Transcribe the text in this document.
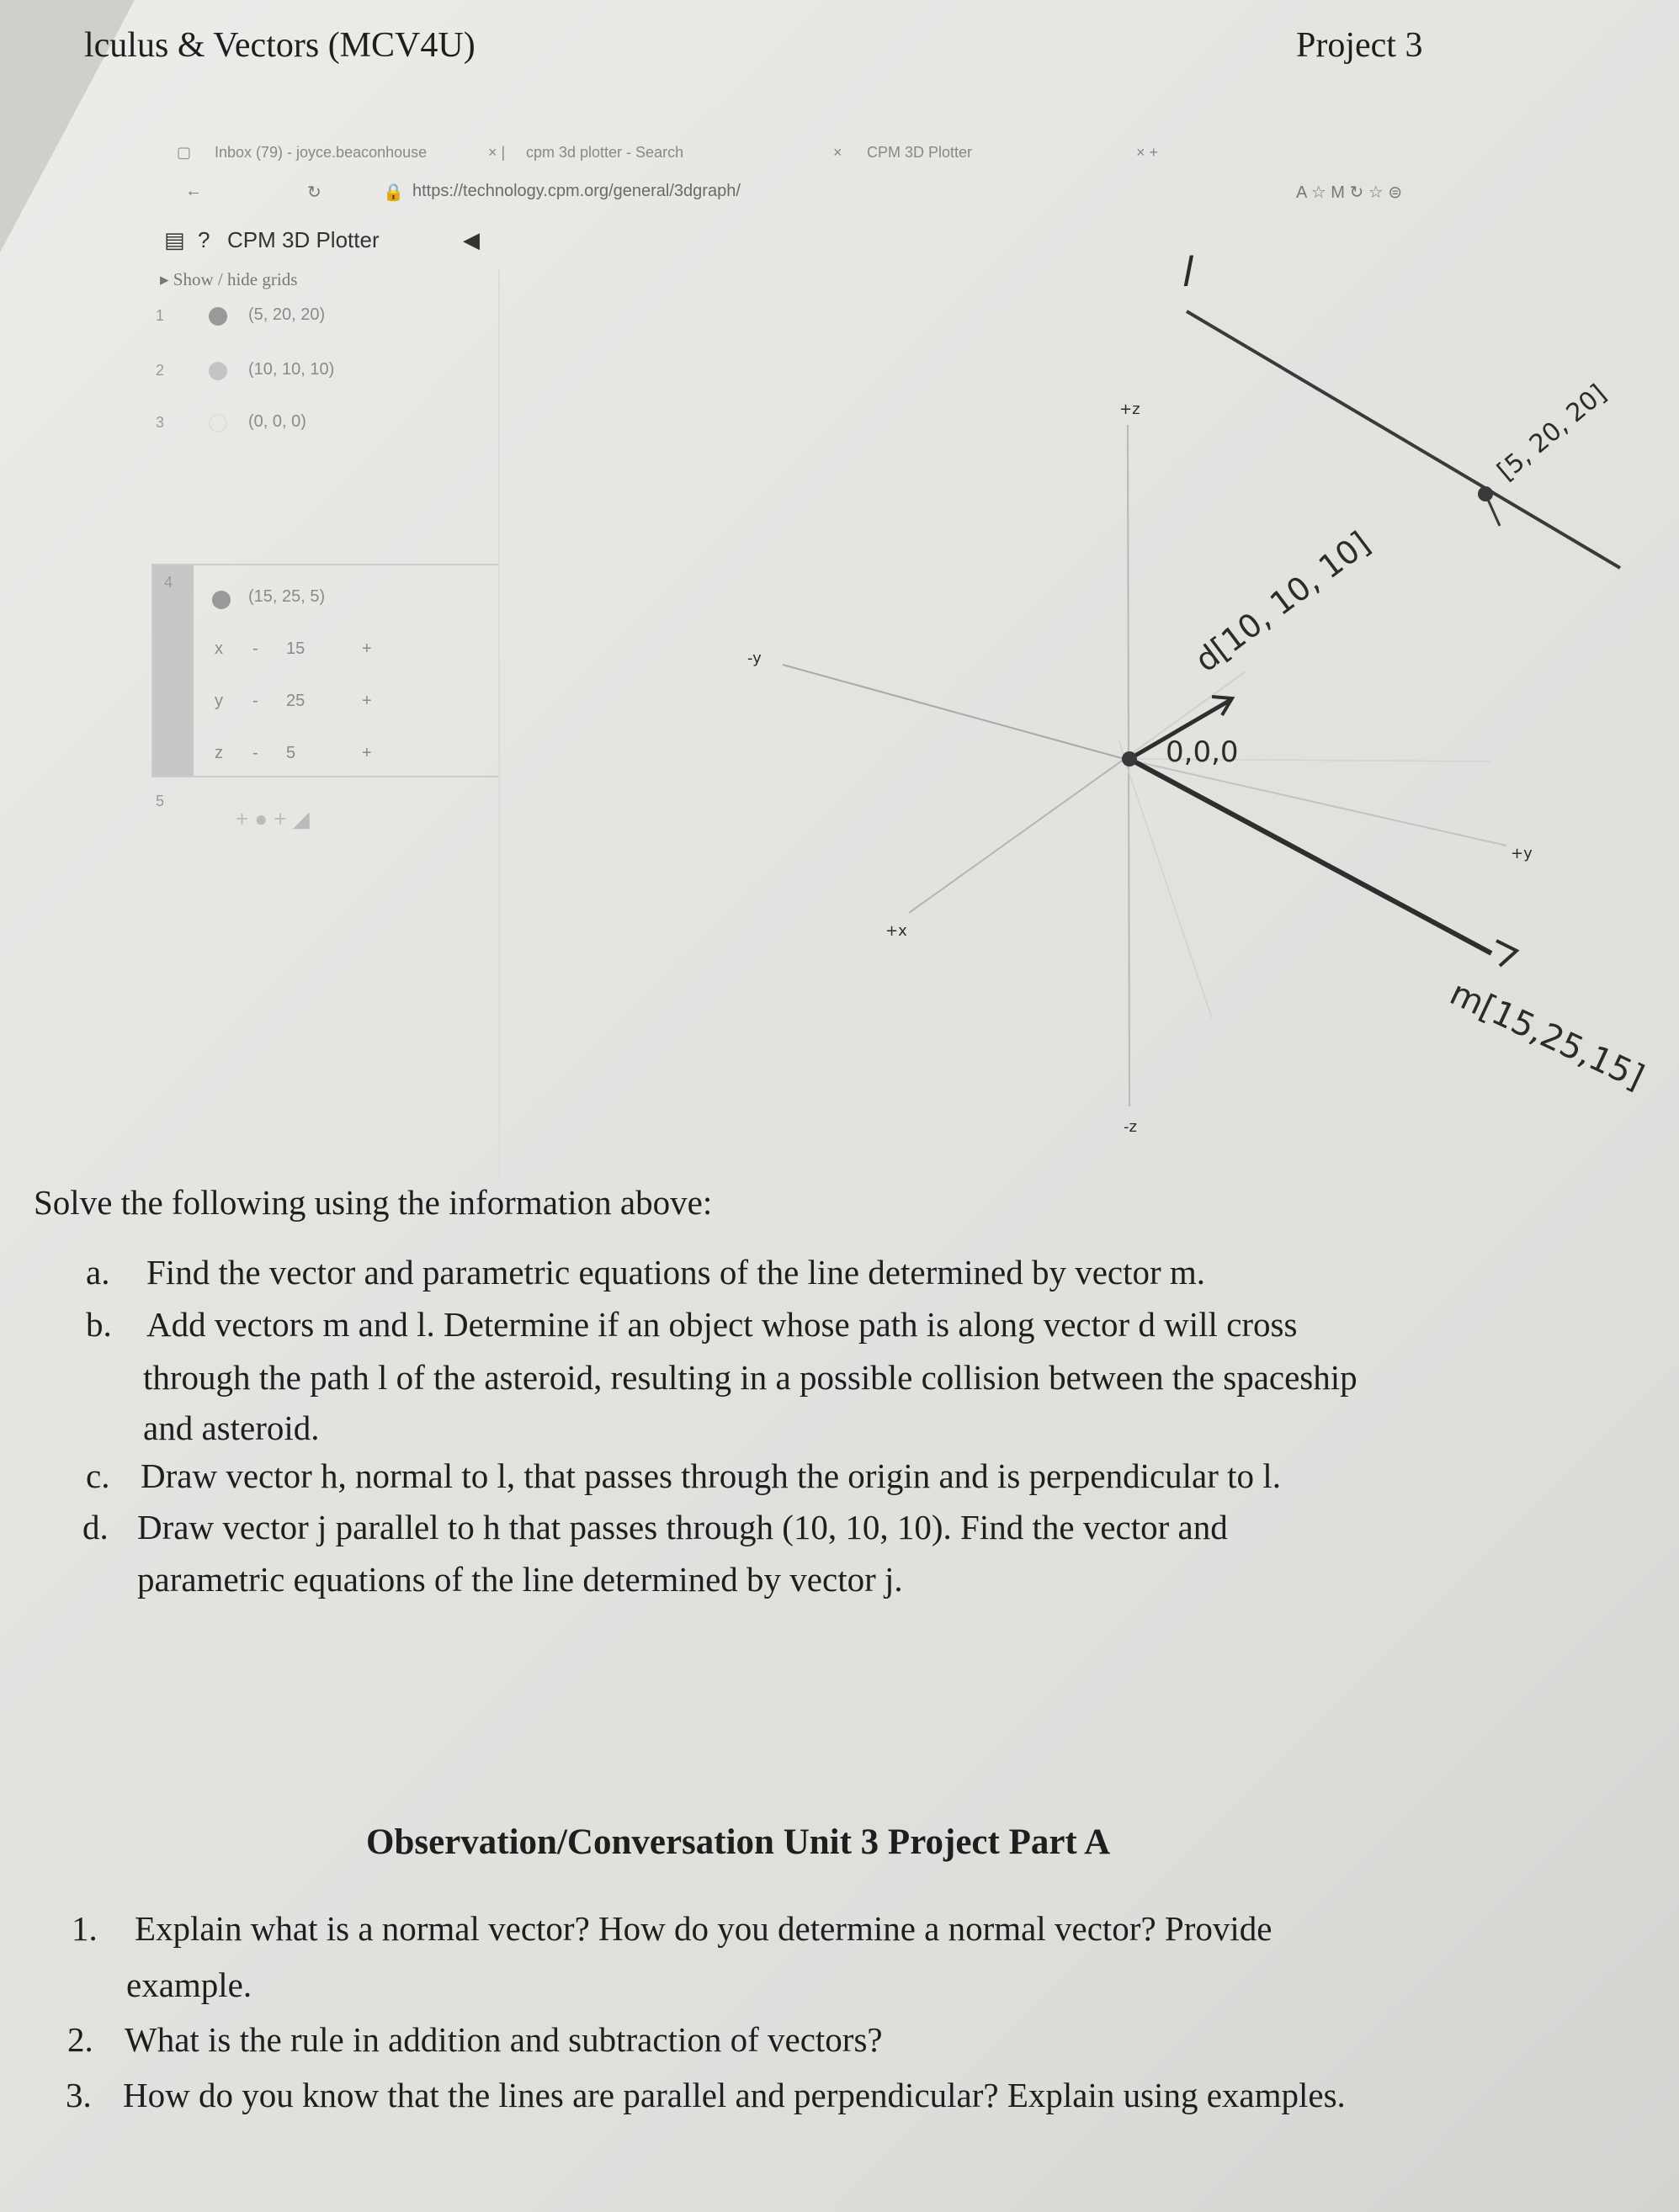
lculus & Vectors (MCV4U)	Project 3
▢ Inbox (79) - joyce.beaconhouse	× | cpm 3d plotter - Search	× CPM 3D Plotter	× +
←	↻	🔒 https://technology.cpm.org/general/3dgraph/	A ☆ M ↻ ☆ ⊜
▤ ? CPM 3D Plotter	◀
▸ Show / hide grids
1	(5, 20, 20)
2	(10, 10, 10)
3	(0, 0, 0)
4
(15, 25, 5)
x - 15	+
y - 25	+
z - 5	+
5
+ ● + ◢
+z
-z
+y
-y
+x
l
[5, 20, 20]
d[10, 10, 10]
0,0,0
m[15,25,15]
Solve the following using the information above:
a. Find the vector and parametric equations of the line determined by vector m.
b. Add vectors m and l. Determine if an object whose path is along vector d will cross
through the path l of the asteroid, resulting in a possible collision between the spaceship
and asteroid.
c. Draw vector h, normal to l, that passes through the origin and is perpendicular to l.
d. Draw vector j parallel to h that passes through (10, 10, 10). Find the vector and
parametric equations of the line determined by vector j.
Observation/Conversation Unit 3 Project Part A
1. Explain what is a normal vector? How do you determine a normal vector? Provide
example.
2. What is the rule in addition and subtraction of vectors?
3. How do you know that the lines are parallel and perpendicular? Explain using examples.
